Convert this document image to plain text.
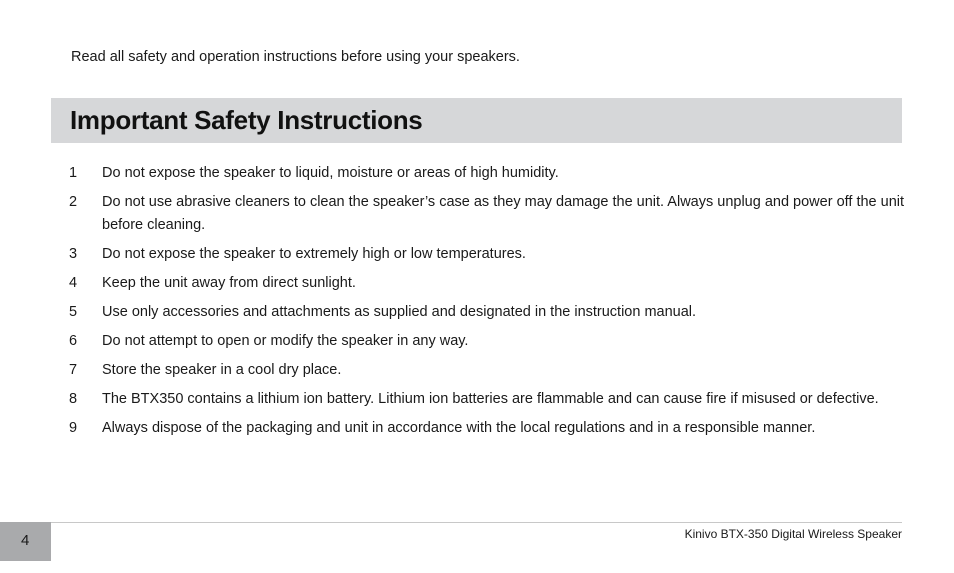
Read all safety and operation instructions before using your speakers.
Important Safety Instructions
1	Do not expose the speaker to liquid, moisture or areas of high humidity.
2	Do not use abrasive cleaners to clean the speaker’s case as they may damage the unit. Always unplug and power off the unit before cleaning.
3	Do not expose the speaker to extremely high or low temperatures.
4	Keep the unit away from direct sunlight.
5	Use only accessories and attachments as supplied and designated in the instruction manual.
6	Do not attempt to open or modify the speaker in any way.
7	Store the speaker in a cool dry place.
8	The BTX350 contains a lithium ion battery. Lithium ion batteries are flammable and can cause fire if misused or defective.
9	Always dispose of the packaging and unit in accordance with the local regulations and in a responsible manner.
4	Kinivo BTX-350 Digital Wireless Speaker
